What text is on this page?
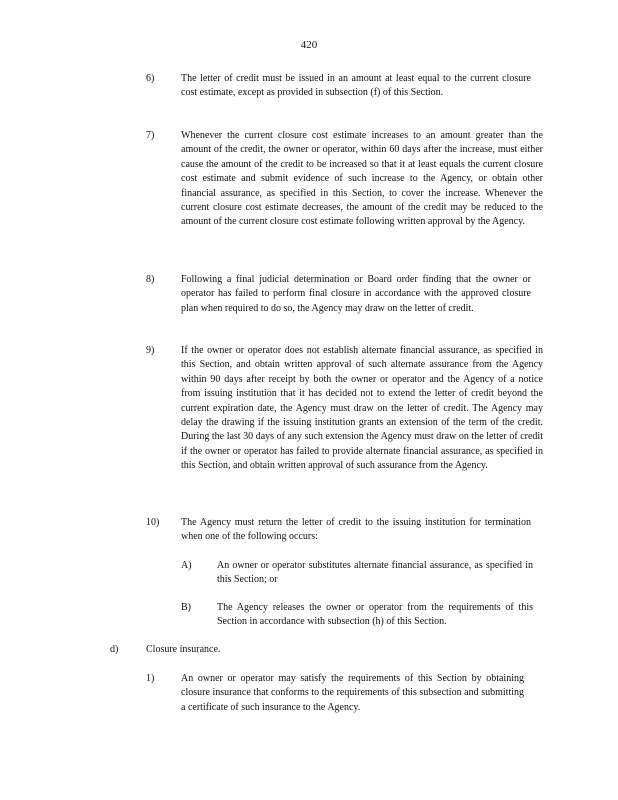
420
6)	The letter of credit must be issued in an amount at least equal to the current closure cost estimate, except as provided in subsection (f) of this Section.
7)	Whenever the current closure cost estimate increases to an amount greater than the amount of the credit, the owner or operator, within 60 days after the increase, must either cause the amount of the credit to be increased so that it at least equals the current closure cost estimate and submit evidence of such increase to the Agency, or obtain other financial assurance, as specified in this Section, to cover the increase. Whenever the current closure cost estimate decreases, the amount of the credit may be reduced to the amount of the current closure cost estimate following written approval by the Agency.
8)	Following a final judicial determination or Board order finding that the owner or operator has failed to perform final closure in accordance with the approved closure plan when required to do so, the Agency may draw on the letter of credit.
9)	If the owner or operator does not establish alternate financial assurance, as specified in this Section, and obtain written approval of such alternate assurance from the Agency within 90 days after receipt by both the owner or operator and the Agency of a notice from issuing institution that it has decided not to extend the letter of credit beyond the current expiration date, the Agency must draw on the letter of credit. The Agency may delay the drawing if the issuing institution grants an extension of the term of the credit. During the last 30 days of any such extension the Agency must draw on the letter of credit if the owner or operator has failed to provide alternate financial assurance, as specified in this Section, and obtain written approval of such assurance from the Agency.
10) The Agency must return the letter of credit to the issuing institution for termination when one of the following occurs:
A)	An owner or operator substitutes alternate financial assurance, as specified in this Section; or
B)	The Agency releases the owner or operator from the requirements of this Section in accordance with subsection (h) of this Section.
d)	Closure insurance.
1)	An owner or operator may satisfy the requirements of this Section by obtaining closure insurance that conforms to the requirements of this subsection and submitting a certificate of such insurance to the Agency.
